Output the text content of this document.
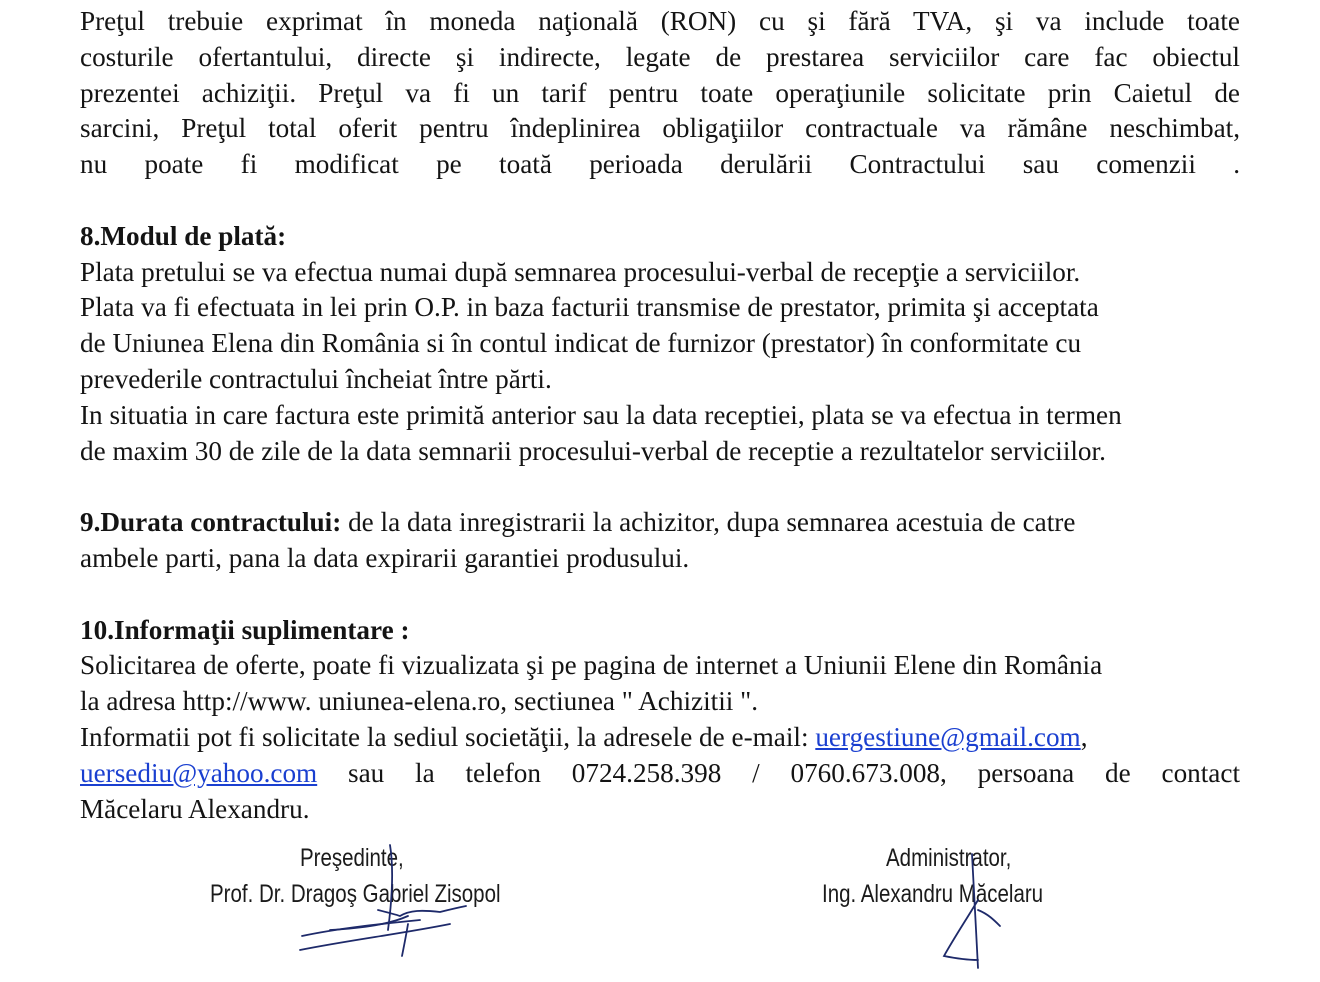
Preţul trebuie exprimat în moneda naţională (RON) cu şi fără TVA, şi va include toate
costurile ofertantului, directe şi indirecte, legate de prestarea serviciilor care fac obiectul
prezentei achiziţii. Preţul va fi un tarif pentru toate operaţiunile solicitate prin Caietul de
sarcini, Preţul total oferit pentru îndeplinirea obligaţiilor contractuale va rămâne neschimbat,
nu poate fi modificat pe toată perioada derulării Contractului sau comenzii .
8.Modul de plată:
Plata pretului se va efectua numai după semnarea procesului-verbal de recepţie a serviciilor.
Plata va fi efectuata in lei prin O.P. in baza facturii transmise de prestator, primita şi acceptata
de Uniunea Elena din România si în contul indicat de furnizor (prestator) în conformitate cu
prevederile contractului încheiat între părti.
In situatia in care factura este primită anterior sau la data receptiei, plata se va efectua in termen
de maxim 30 de zile de la data semnarii procesului-verbal de receptie a rezultatelor serviciilor.
9.Durata contractului: de la data inregistrarii la achizitor, dupa semnarea acestuia de catre
ambele parti, pana la data expirarii garantiei produsului.
10.Informaţii suplimentare :
Solicitarea de oferte, poate fi vizualizata şi pe pagina de internet a Uniunii Elene din România
la adresa http://www. uniunea-elena.ro, sectiunea " Achizitii ".
Informatii pot fi solicitate la sediul societăţii, la adresele de e-mail: uergestiune@gmail.com,
uersediu@yahoo.com sau la telefon 0724.258.398 / 0760.673.008, persoana de contact
Măcelaru Alexandru.
Preşedinte,
Prof. Dr. Dragoş Gabriel Zisopol
Administrator,
Ing. Alexandru Măcelaru
